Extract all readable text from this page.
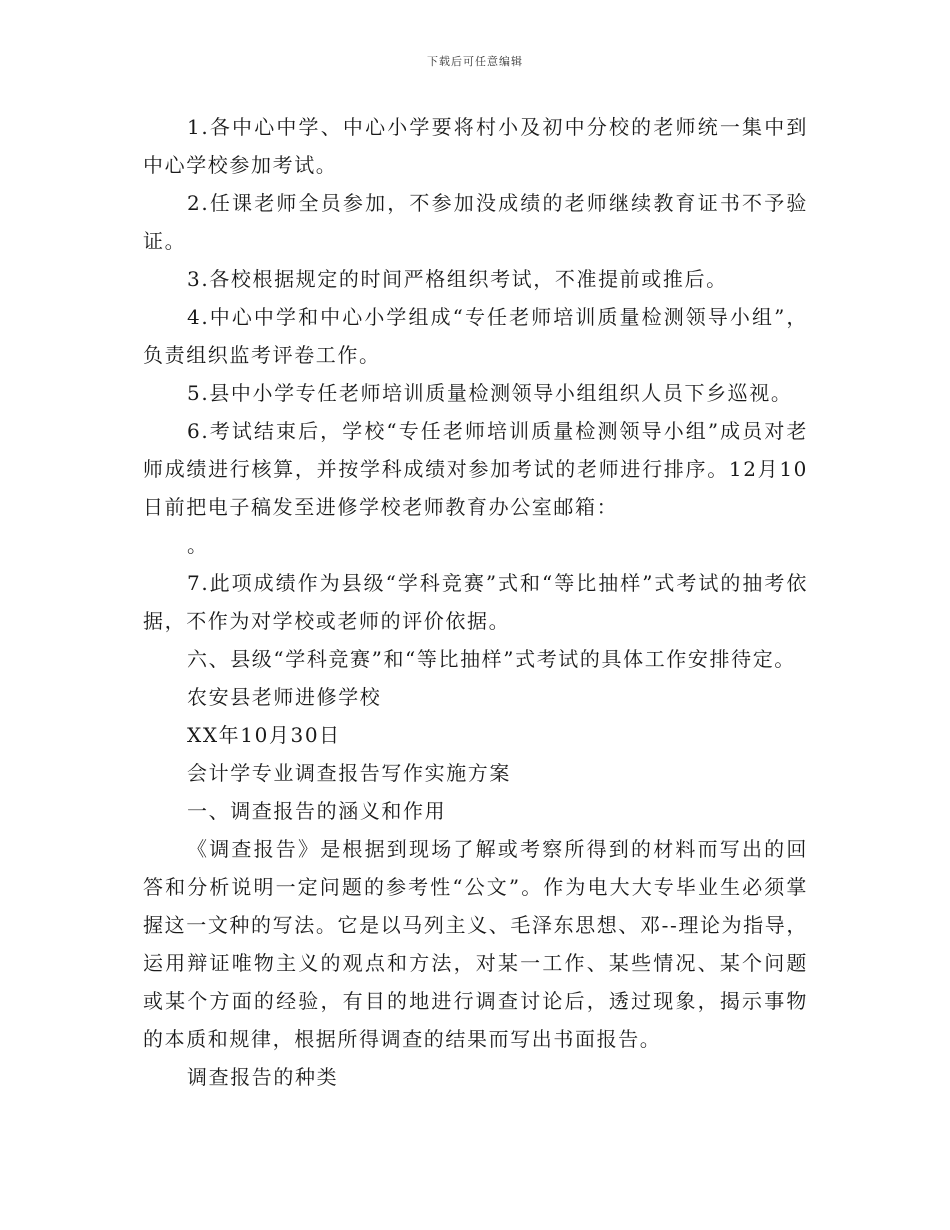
下载后可任意编辑

1.各中心中学、中心小学要将村小及初中分校的老师统一集中到中心学校参加考试。

2.任课老师全员参加，不参加没成绩的老师继续教育证书不予验证。

3.各校根据规定的时间严格组织考试，不准提前或推后。

4.中心中学和中心小学组成“专任老师培训质量检测领导小组”，负责组织监考评卷工作。

5.县中小学专任老师培训质量检测领导小组组织人员下乡巡视。

6.考试结束后，学校“专任老师培训质量检测领导小组”成员对老师成绩进行核算，并按学科成绩对参加考试的老师进行排序。12月10日前把电子稿发至进修学校老师教育办公室邮箱：

。

7.此项成绩作为县级“学科竞赛”式和“等比抽样”式考试的抽考依据，不作为对学校或老师的评价依据。

六、县级“学科竞赛”和“等比抽样”式考试的具体工作安排待定。

农安县老师进修学校

XX年10月30日

会计学专业调查报告写作实施方案

一、调查报告的涵义和作用

《调查报告》是根据到现场了解或考察所得到的材料而写出的回答和分析说明一定问题的参考性“公文”。作为电大大专毕业生必须掌握这一文种的写法。它是以马列主义、毛泽东思想、邓--理论为指导，运用辩证唯物主义的观点和方法，对某一工作、某些情况、某个问题或某个方面的经验，有目的地进行调查讨论后，透过现象，揭示事物的本质和规律，根据所得调查的结果而写出书面报告。

调查报告的种类
